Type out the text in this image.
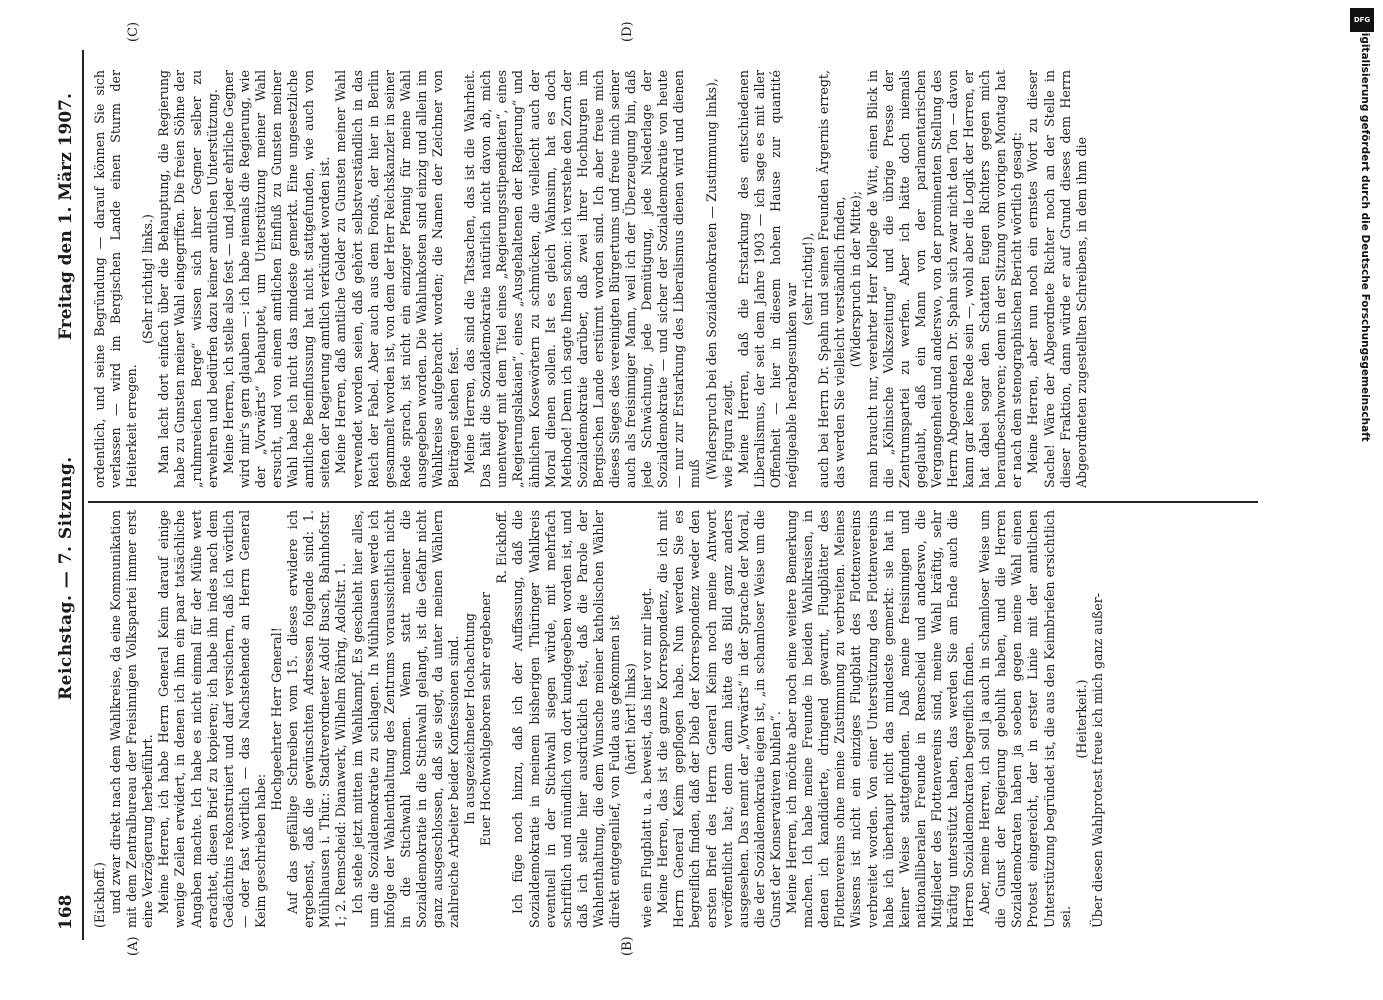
168
Reichstag. — 7. Sitzung.
Freitag den 1. März 1907.
(A)	(B)
(C)	(D)

(Eickhoff.) und zwar direkt nach dem Wahlkreise, da eine Kommunikation mit dem Zentralbureau der Freisinnigen Volkspartei immer erst eine Verzögerung herbeiführt. Meine Herren, ich habe Herrn General Keim darauf einige wenige Zeilen erwidert, in denen ich ihm ein paar tatsächliche Angaben machte. Ich habe es nicht einmal für der Mühe wert erachtet, diesen Brief zu kopieren; ich habe ihn indes nach dem Gedächtnis rekonstruiert und darf versichern, daß ich wörtlich — oder fast wörtlich — das Nachstehende an Herrn General Keim geschrieben habe:

Hochgeehrter Herr General! Auf das gefällige Schreiben vom 15. dieses erwidere ich ergebenst, daß die gewünschten Adressen folgende sind: 1. Mühlhausen i. Thür.: Stadtverordneter Adolf Busch, Bahnhofstr. 1; 2. Remscheid: Dianawerk, Wilhelm Röhrig, Adolfstr. 1. Ich stehe jetzt mitten im Wahlkampf. Es geschieht hier alles, um die Sozialdemokratie zu schlagen. In Mühlhausen werde ich infolge der Wahlenthaltung des Zentrums voraussichtlich nicht in die Stichwahl kommen. Wenn statt meiner die Sozialdemokratie in die Stichwahl gelangt, ist die Gefahr nicht ganz ausgeschlossen, daß sie siegt, da unter meinen Wählern zahlreiche Arbeiter beider Konfessionen sind. In ausgezeichneter Hochachtung Euer Hochwohlgeboren sehr ergebener

R. Eickhoff. Ich füge noch hinzu, daß ich der Auffassung, daß die Sozialdemokratie in meinem bisherigen Thüringer Wahlkreis eventuell in der Stichwahl siegen würde, mit mehrfach schriftlich und mündlich von dort kundgegeben worden ist, und daß ich stelle hier ausdrücklich fest, daß die Parole der Wahlenthaltung, die dem Wunsche meiner katholischen Wähler direkt entgegenlief, von Fulda aus gekommen ist (hört! hört! links) wie ein Flugblatt u. a. beweist, das hier vor mir liegt. Meine Herren, das ist die ganze Korrespondenz, die ich mit Herrn General Keim gepflogen habe. Nun werden Sie es begreiflich finden, daß der Dieb der Korrespondenz weder den ersten Brief des Herrn General Keim noch meine Antwort veröffentlicht hat; denn dann hätte das Bild ganz anders ausgesehen. Das nennt der „Vorwärts“ in der Sprache der Moral, die der Sozialdemokratie eigen ist, „in schamloser Weise um die Gunst der Konservativen buhlen“. Meine Herren, ich möchte aber noch eine weitere Bemerkung machen. Ich habe meine Freunde in beiden Wahlkreisen, in denen ich kandidierte, dringend gewarnt, Flugblätter des Flottenvereins ohne meine Zustimmung zu verbreiten. Meines Wissens ist nicht ein einziges Flugblatt des Flottenvereins verbreitet worden. Von einer Unterstützung des Flottenvereins habe ich überhaupt nicht das mindeste gemerkt: sie hat in keiner Weise stattgefunden. Daß meine freisinnigen und nationalliberalen Freunde in Remscheid und anderswo, die Mitglieder des Flottenvereins sind, meine Wahl kräftig, sehr kräftig unterstützt haben, das werden Sie am Ende auch die Herren Sozialdemokraten begreiflich finden. Aber, meine Herren, ich soll ja auch in schamloser Weise um die Gunst der Regierung gebuhlt haben, und die Herren Sozialdemokraten haben ja soeben gegen meine Wahl einen Protest eingereicht, der in erster Linie mit der amtlichen Unterstützung begründet ist, die aus den Keimbriefen ersichtlich sei.

(Heiterkeit.) Über diesen Wahlprotest freue ich mich ganz außer-

ordentlich, und seine Begründung — darauf können Sie sich verlassen — wird im Bergischen Lande einen Sturm der Heiterkeit erregen.

(Sehr richtig! links.) Man lacht dort einfach über die Behauptung, die Regierung habe zu Gunsten meiner Wahl eingegriffen. Die freien Söhne der „ruhmreichen Berge“ wissen sich ihrer Gegner selber zu erwehren und bedürfen dazu keiner amtlichen Unterstützung. Meine Herren, ich stelle also fest — und jeder ehrliche Gegner wird mir's gern glauben —: ich habe niemals die Regierung, wie der „Vorwärts“ behauptet, um Unterstützung meiner Wahl ersucht, und von einem amtlichen Einfluß zu Gunsten meiner Wahl habe ich nicht das mindeste gemerkt. Eine ungesetzliche amtliche Beeinflussung hat nicht stattgefunden, wie auch von seiten der Regierung amtlich verkündet worden ist. Meine Herren, daß amtliche Gelder zu Gunsten meiner Wahl verwendet worden seien, daß gehört selbstverständlich in das Reich der Fabel. Aber auch aus dem Fonds, der hier in Berlin gesammelt worden ist, von dem der Herr Reichskanzler in seiner Rede sprach, ist nicht ein einziger Pfennig für meine Wahl ausgegeben worden. Die Wahlunkosten sind einzig und allein im Wahlkreise aufgebracht worden; die Namen der Zeichner von Beiträgen stehen fest. Meine Herren, das sind die Tatsachen, das ist die Wahrheit. Das hält die Sozialdemokratie natürlich nicht davon ab, mich unentwegt mit dem Titel eines „Regierungsstipendiaten“, eines „Regierungslakaien“, eines „Ausgehaltenen der Regierung“ und ähnlichen Kosewörtern zu schmücken, die vielleicht auch der Moral dienen sollen. Ist es gleich Wahnsinn, hat es doch Methode! Denn ich sagte Ihnen schon: ich verstehe den Zorn der Sozialdemokratie darüber, daß zwei ihrer Hochburgen im Bergischen Lande erstürmt worden sind. Ich aber freue mich dieses Sieges des vereinigten Bürgertums und freue mich seiner auch als freisinniger Mann, weil ich der Überzeugung bin, daß jede Schwächung, jede Demütigung, jede Niederlage der Sozialdemokratie — und sicher der Sozialdemokratie von heute — nur zur Erstarkung des Liberalismus dienen wird und dienen muß (Widerspruch bei den Sozialdemokraten — Zustimmung links), wie Figura zeigt. Meine Herren, daß die Erstarkung des entschiedenen Liberalismus, der seit dem Jahre 1903 — ich sage es mit aller Offenheit — hier in diesem hohen Hause zur quantité négligeable herabgesunken war

(sehr richtig!), auch bei Herrn Dr. Spahn und seinen Freunden Ärgernis erregt, das werden Sie vielleicht verständlich finden, (Widerspruch in der Mitte); man braucht nur, verehrter Herr Kollege de Witt, einen Blick in die „Kölnische Volkszeitung“ und die übrige Presse der Zentrumspartei zu werfen. Aber ich hätte doch niemals geglaubt, daß ein Mann von der parlamentarischen Vergangenheit und anderswo, von der prominenten Stellung des Herrn Abgeordneten Dr. Spahn sich zwar nicht den Ton — davon kann gar keine Rede sein —, wohl aber die Logik der Herren, er hat dabei sogar den Schatten Eugen Richters gegen mich heraufbeschworen; denn in der Sitzung vom vorigen Montag hat er nach dem stenographischen Bericht wörtlich gesagt: Meine Herren, aber nun noch ein ernstes Wort zu dieser Sache! Wäre der Abgeordnete Richter noch an der Stelle in dieser Fraktion, dann würde er auf Grund dieses dem Herrn Abgeordneten zugestellten Schreibens, in dem ihm die

DFG
Digitalisierung gefördert durch die Deutsche Forschungsgemeinschaft
